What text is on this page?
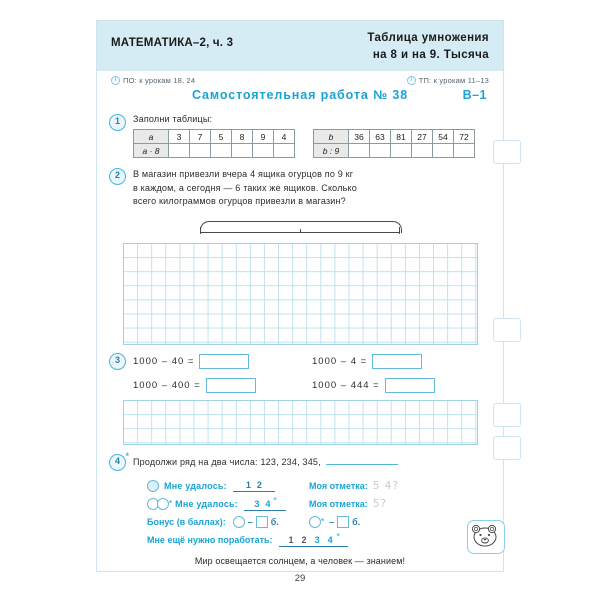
МАТЕМАТИКА–2, ч. 3	Таблица умножения
на 8 и на 9. Тысяча
i ПО: к урокам 18, 24	i ТП: к урокам 11–13
Самостоятельная работа № 38	В–1
1	Заполни таблицы:
a	3	7	5	8	9	4
a · 8						
b	36	63	81	27	54	72
b : 9						
2	В магазин привезли вчера 4 ящика огурцов по 9 кг
в каждом, а сегодня — 6 таких же ящиков. Сколько
всего килограммов огурцов привезли в магазин?
3	1000 – 40 =	1000 – 4 =
1000 – 400 =	1000 – 444 =
4 *	Продолжи ряд на два числа: 123, 234, 345,
Мне удалось:	1 2	Моя отметка: 5 4?
* Мне удалось:	3 4 *	Моя отметка: 5?
Бонус (в баллах): – б.	* – б.
Мне ещё нужно поработать:	1 2 3 4 *
Мир освещается солнцем, а человек — знанием!
29
